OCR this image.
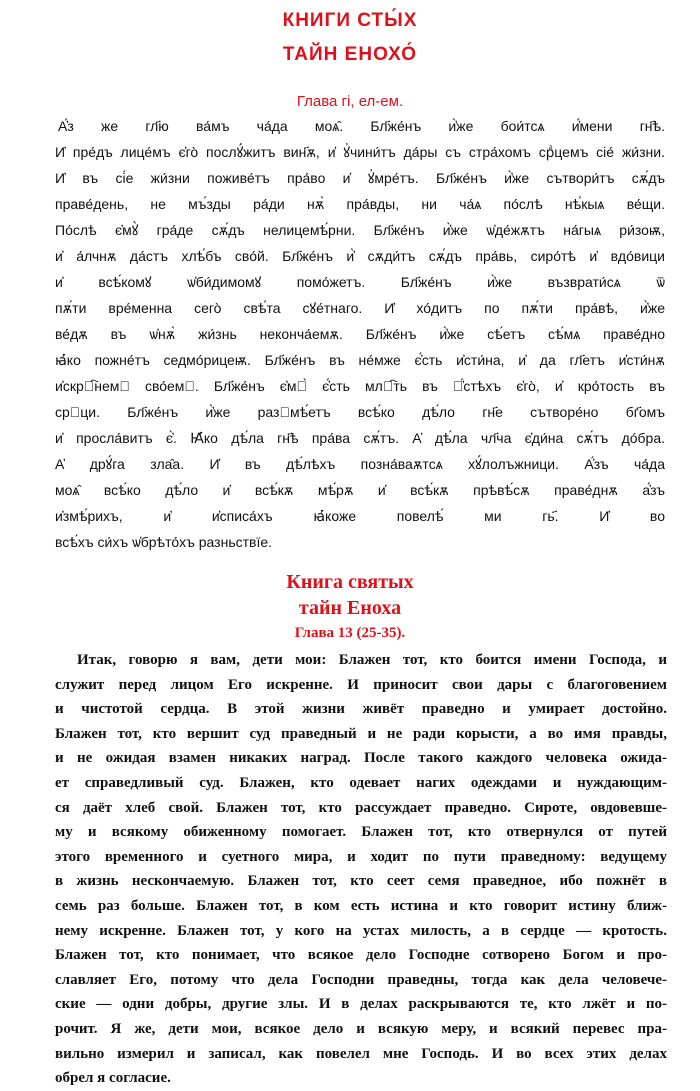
КНИГИ СТЫ́Х
ТАЙН ЕНОХО́
Глава гі, ел-ем.
А҆́з же гл҃ю ва́мъ ча́да моѧ̑. Бл҃же́нъ и҆̀же бои́тсѧ и҆́мени гн҃ѣ.
И҆ пре́дъ лице́мъ є҆го̀ послꙋ́житъ вин҃ѫ, и҆ ꙋ҆чини́тъ да́ры съ стра́хомъ срⷣцемъ сіе́ жи́зни.
И҆ въ сі́е жи́зни поживе́тъ пра́во и҆ ꙋ҆мре́тъ. Бл҃же́нъ и҆̀же сътвори́тъ сѫ́дъ
праве́день, не мъ́зды ра́ди нѫ̀ пра́вды, ни ча́ѧ по́слѣ нѣ́кыѧ ве́щи.
По́слѣ є҆мꙋ̀ гра́де сѫ́дъ нелицемѣ́рни. Бл҃же́нъ и҆̀же ѡ҆де́жѫтъ на́гыѧ ри́зоѭ,
и҆ а́лчнѫ да́стъ хлѣ́бъ сво́й. Бл҃же́нъ и҆̀ сѫди́тъ сѫ́дъ пра́вь, сиро́тѣ и҆ вдо́вици
и҆ всѣ́комꙋ ѡ҆би́димомꙋ помо́жетъ. Бл҃же́нъ и҆̀же възврати́сѧ ѿ
пѫ́ти вре́менна сего̀ свѣ́та сꙋе́тнаго. И҆ хо́дитъ по пѫ́ти пра́вѣ, и҆̀же
ве́дѫ въ ѡ҆нѫ̀ жи́знь неконча́емѫ. Бл҃же́нъ и҆̀же сѣ́етъ сѣ́мѧ праве́дно
ꙗ҆́ко пожне́тъ седмо́рицеѭ. Бл҃же́нъ въ не́мже є҆́сть и҆сти́на, и҆ да гл҃етъ и҆сти́нѫ
и҆скрⷭ҇немꙋ сво́емꙋ. Бл҃же́нъ є҆мꙋ̀ є҆́сть млⷭ҇ть въ ꙋ҆́стѣхъ є҆го̀, и҆ кро́тость въ
срⷣци. Бл҃же́нъ и҆̀же разꙋмѣ́етъ всѣ́ко дѣ́ло гн҃е сътворе́но бг҃омъ
и҆ просла́витъ є҆̀. Ꙗ҆́ко дѣ́ла гн҃ѣ пра́ва сѫ́тъ. А҆ дѣ́ла чл҃ча є҆ди́на сѫ́тъ до́бра.
А҆ дрꙋ́га зла̑а. И҆ въ дѣ́лѣхъ позна́ваѫтсѧ хꙋ́лолъжници. А҆́зъ ча́да
моѧ̑ всѣ́ко дѣ́ло и҆ всѣ́кѫ мѣ́рѫ и҆ всѣ́кѫ прѣвѣ́сѫ праве́днѫ а҆́зъ
и҆змѣ́рихъ, и҆ и҆списа́хъ ꙗ҆́коже повелѣ́ ми гь҃. И҆ во
всѣ́хъ си́хъ ѡ҆брѣто́хъ разньствїе.
Книга святых
тайн Еноха
Глава 13 (25-35).
Итак, говорю я вам, дети мои: Блажен тот, кто боится имени Господа, и
служит перед лицом Его искренне. И приносит свои дары с благоговением
и чистотой сердца. В этой жизни живёт праведно и умирает достойно.
Блажен тот, кто вершит суд праведный и не ради корысти, а во имя правды,
и не ожидая взамен никаких наград. После такого каждого человека ожида-
ет справедливый суд. Блажен, кто одевает нагих одеждами и нуждающим-
ся даёт хлеб свой. Блажен тот, кто рассуждает праведно. Сироте, овдовевше-
му и всякому обиженному помогает. Блажен тот, кто отвернулся от путей
этого временного и суетного мира, и ходит по пути праведному: ведущему
в жизнь нескончаемую. Блажен тот, кто сеет семя праведное, ибо пожнёт в
семь раз больше. Блажен тот, в ком есть истина и кто говорит истину ближ-
нему искренне. Блажен тот, у кого на устах милость, а в сердце — кротость.
Блажен тот, кто понимает, что всякое дело Господне сотворено Богом и про-
славляет Его, потому что дела Господни праведны, тогда как дела человече-
ские — одни добры, другие злы. И в делах раскрываются те, кто лжёт и по-
рочит. Я же, дети мои, всякое дело и всякую меру, и всякий перевес пра-
вильно измерил и записал, как повелел мне Господь. И во всех этих делах
обрел я согласие.
